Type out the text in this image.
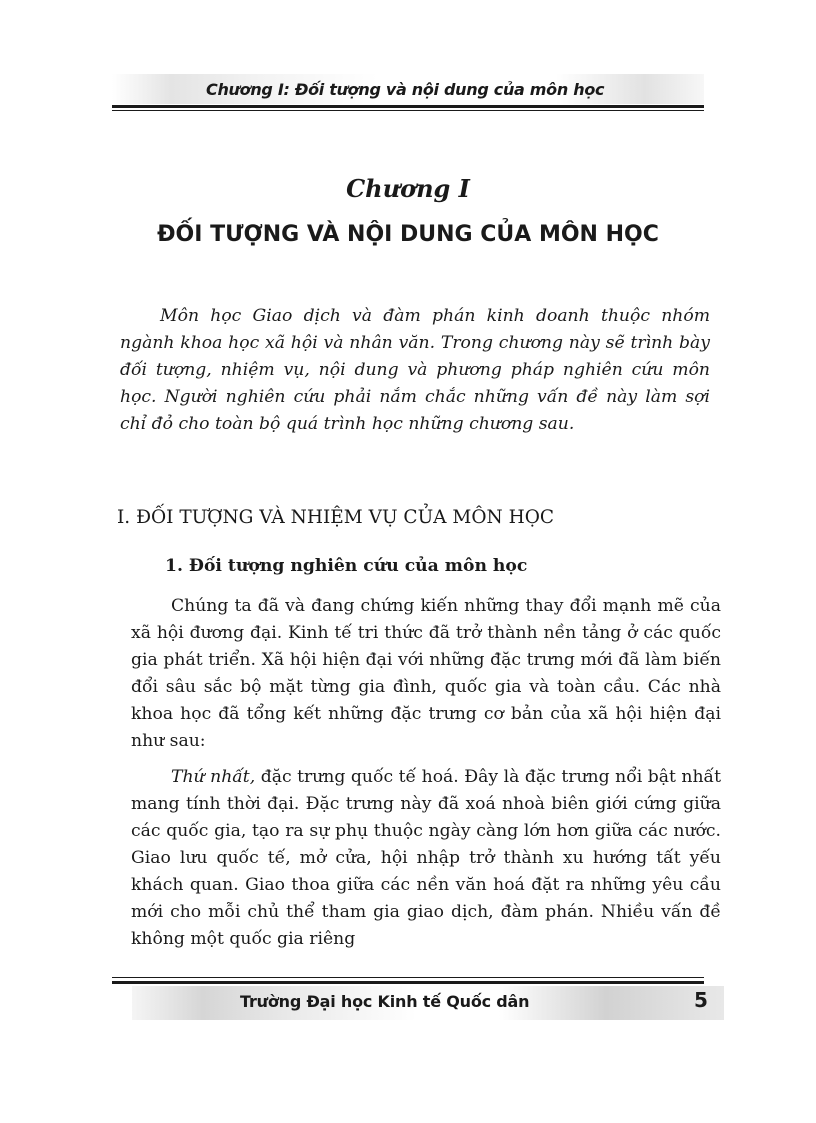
Chương I: Đối tượng và nội dung của môn học
Chương I
ĐỐI TƯỢNG VÀ NỘI DUNG CỦA MÔN HỌC

Môn học Giao dịch và đàm phán kinh doanh thuộc nhóm ngành khoa học xã hội và nhân văn. Trong chương này sẽ trình bày đối tượng, nhiệm vụ, nội dung và phương pháp nghiên cứu môn học. Người nghiên cứu phải nắm chắc những vấn đề này làm sợi chỉ đỏ cho toàn bộ quá trình học những chương sau.

I. ĐỐI TƯỢNG VÀ NHIỆM VỤ CỦA MÔN HỌC
1. Đối tượng nghiên cứu của môn học

Chúng ta đã và đang chứng kiến những thay đổi mạnh mẽ của xã hội đương đại. Kinh tế tri thức đã trở thành nền tảng ở các quốc gia phát triển. Xã hội hiện đại với những đặc trưng mới đã làm biến đổi sâu sắc bộ mặt từng gia đình, quốc gia và toàn cầu. Các nhà khoa học đã tổng kết những đặc trưng cơ bản của xã hội hiện đại như sau:

Thứ nhất, đặc trưng quốc tế hoá. Đây là đặc trưng nổi bật nhất mang tính thời đại. Đặc trưng này đã xoá nhoà biên giới cứng giữa các quốc gia, tạo ra sự phụ thuộc ngày càng lớn hơn giữa các nước. Giao lưu quốc tế, mở cửa, hội nhập trở thành xu hướng tất yếu khách quan. Giao thoa giữa các nền văn hoá đặt ra những yêu cầu mới cho mỗi chủ thể tham gia giao dịch, đàm phán. Nhiều vấn đề không một quốc gia riêng

Trường Đại học Kinh tế Quốc dân	5
